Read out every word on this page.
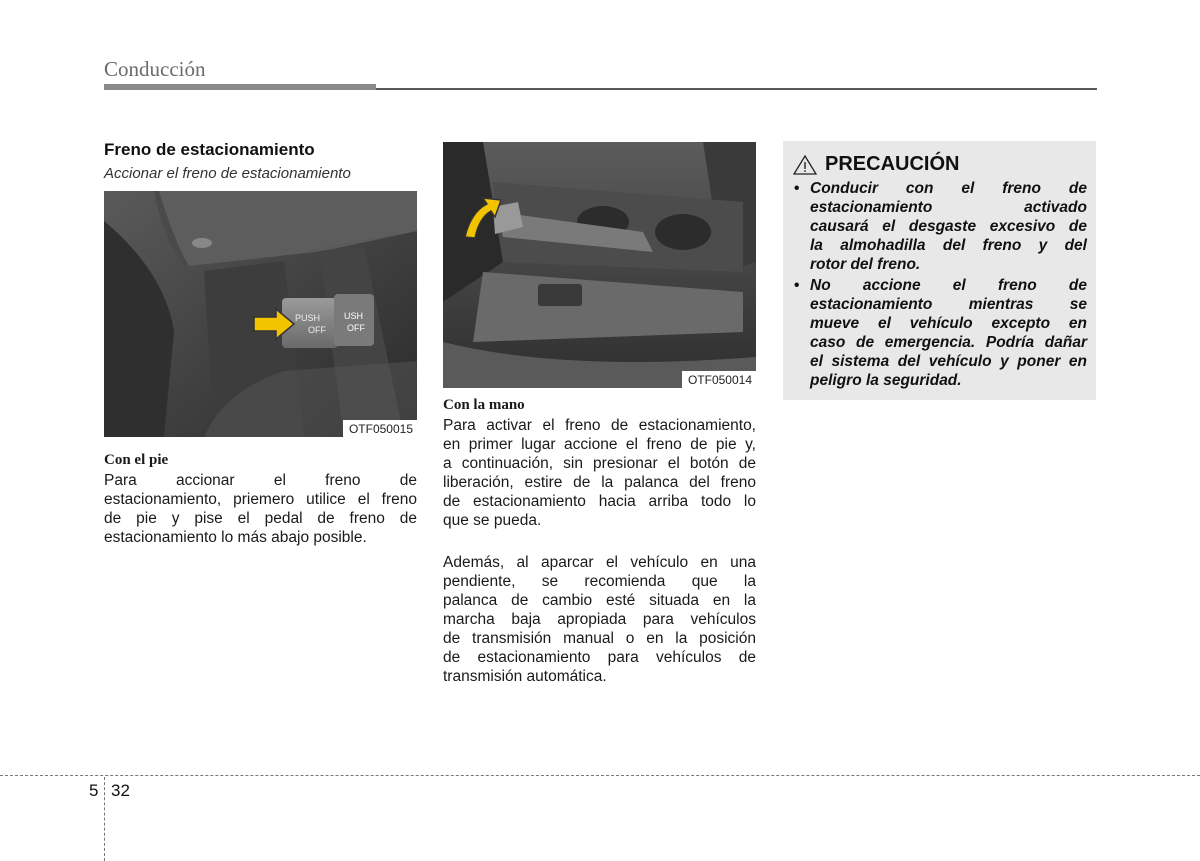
Conducción
Freno de estacionamiento
Accionar el freno de estacionamiento
PUSH
OFF
USH
OFF
OTF050015
Con el pie
Para accionar el freno de
estacionamiento, priemero utilice el freno
de pie y pise el pedal de freno de
estacionamiento lo más abajo posible.
OTF050014
Con la mano
Para activar el freno de estacionamiento,
en primer lugar accione el freno de pie y,
a continuación, sin presionar el botón de
liberación, estire de la palanca del freno
de estacionamiento hacia arriba todo lo
que se pueda.
Además, al aparcar el vehículo en una
pendiente, se recomienda que la
palanca de cambio esté situada en la
marcha baja apropiada para vehículos
de transmisión manual o en la posición
de estacionamiento para vehículos de
transmisión automática.
PRECAUCIÓN
• Conducir con el freno de
estacionamiento activado
causará el desgaste excesivo de
la almohadilla del freno y del
rotor del freno.
• No accione el freno de
estacionamiento mientras se
mueve el vehículo excepto en
caso de emergencia. Podría dañar
el sistema del vehículo y poner en
peligro la seguridad.
5 32
